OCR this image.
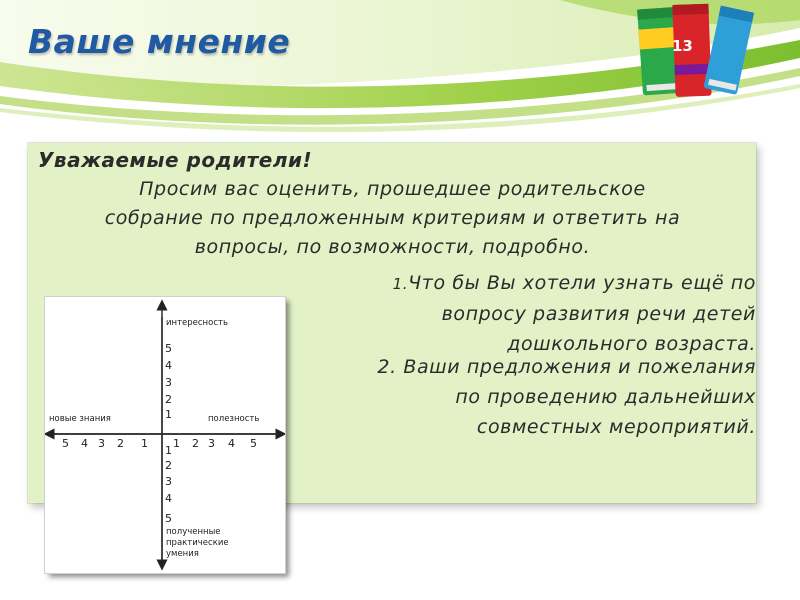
Ваше мнение	13
Уважаемые родители!
Просим вас оценить, прошедшее родительское
собрание по предложенным критериям и ответить на
вопросы, по возможности, подробно.
1.Что бы Вы хотели узнать ещё по
вопросу развития речи детей
дошкольного возраста.
2. Ваши предложения и пожелания
по проведению дальнейших
совместных мероприятий.
интересность
полезность
новые знания
полученные
практические
умения
1
2
3
4
5
1 2 3 4 5
1
2
3
4
5
1
2
3
4
5
